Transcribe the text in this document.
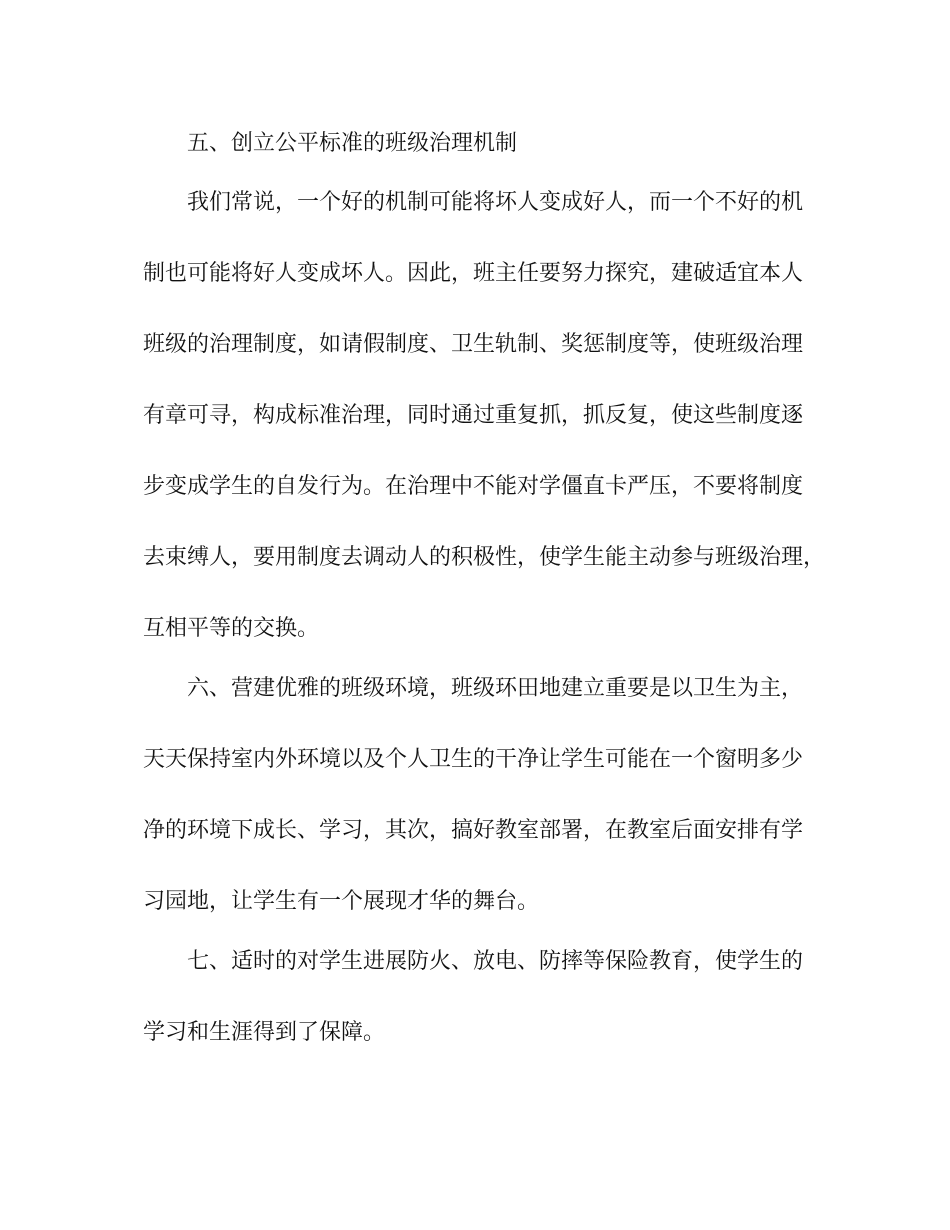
五、创立公平标准的班级治理机制
我们常说，一个好的机制可能将坏人变成好人，而一个不好的机
制也可能将好人变成坏人。因此，班主任要努力探究，建破适宜本人
班级的治理制度，如请假制度、卫生轨制、奖惩制度等，使班级治理
有章可寻，构成标准治理，同时通过重复抓，抓反复，使这些制度逐
步变成学生的自发行为。在治理中不能对学僵直卡严压，不要将制度
去束缚人，要用制度去调动人的积极性，使学生能主动参与班级治理，
互相平等的交换。
六、营建优雅的班级环境，班级环田地建立重要是以卫生为主，
天天保持室内外环境以及个人卫生的干净让学生可能在一个窗明多少
净的环境下成长、学习，其次，搞好教室部署，在教室后面安排有学
习园地，让学生有一个展现才华的舞台。
七、适时的对学生进展防火、放电、防摔等保险教育，使学生的
学习和生涯得到了保障。
